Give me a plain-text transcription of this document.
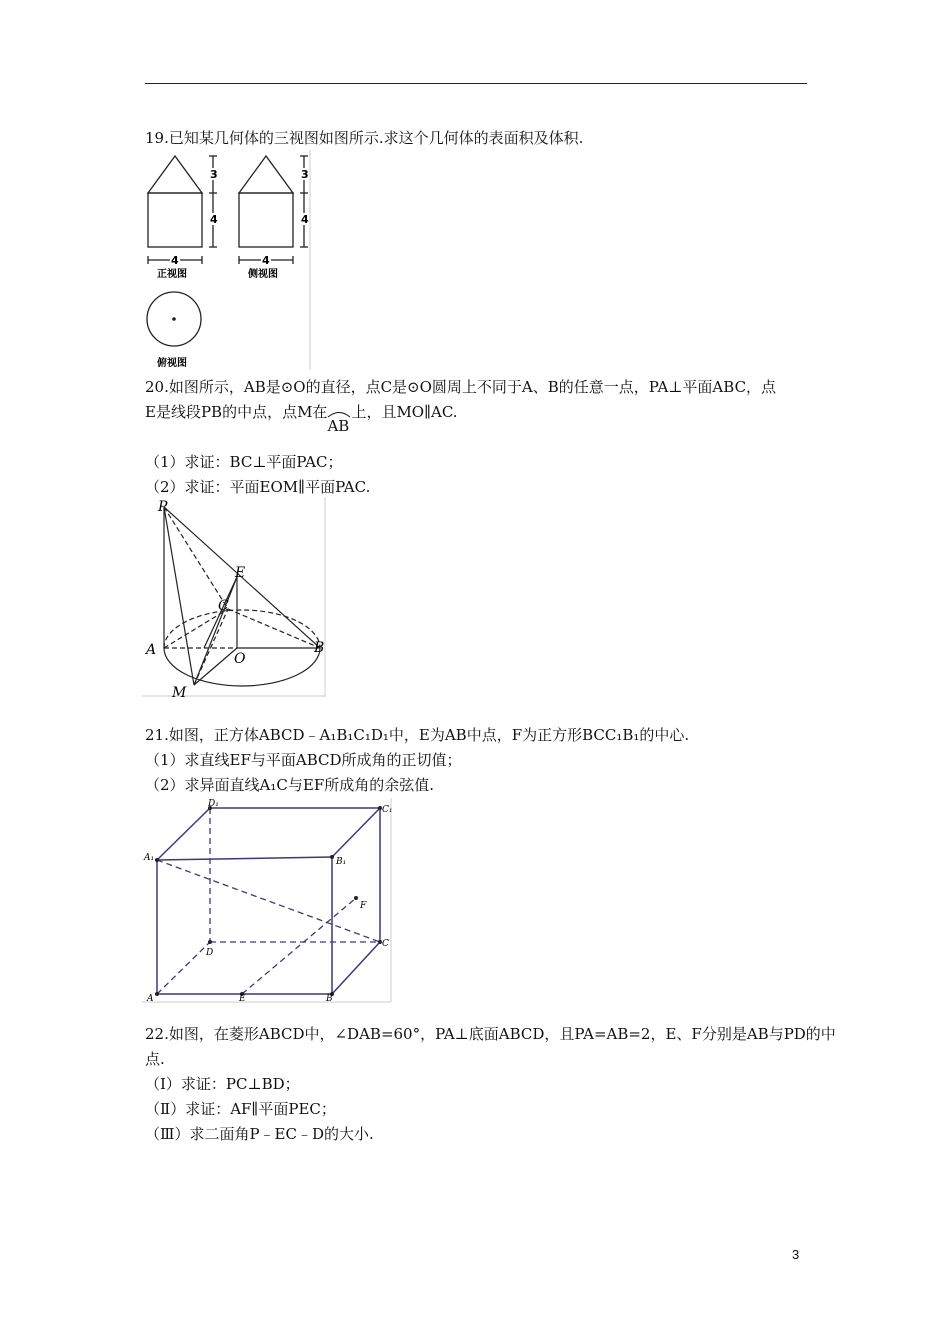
19.已知某几何体的三视图如图所示.求这个几何体的表面积及体积.
3
4
4
正视图
3
4
4
侧视图
俯视图
20.如图所示，AB是⊙O的直径，点C是⊙O圆周上不同于A、B的任意一点，PA⊥平面ABC，点
E是线段PB的中点，点M在
AB
上，且MO∥AC.
（1）求证：BC⊥平面PAC；
（2）求证：平面EOM∥平面PAC.
P
E
C
A
O
B
M
21.如图，正方体ABCD﹣A₁B₁C₁D₁中，E为AB中点，F为正方形BCC₁B₁的中心.
（1）求直线EF与平面ABCD所成角的正切值；
（2）求异面直线A₁C与EF所成角的余弦值.
D₁
C₁
A₁	B₁
F
D
C
A	E	B
22.如图，在菱形ABCD中，∠DAB=60°，PA⊥底面ABCD，且PA=AB=2，E、F分别是AB与PD的中
点.
（Ⅰ）求证：PC⊥BD；
（Ⅱ）求证：AF∥平面PEC；
（Ⅲ）求二面角P﹣EC﹣D的大小.
3
